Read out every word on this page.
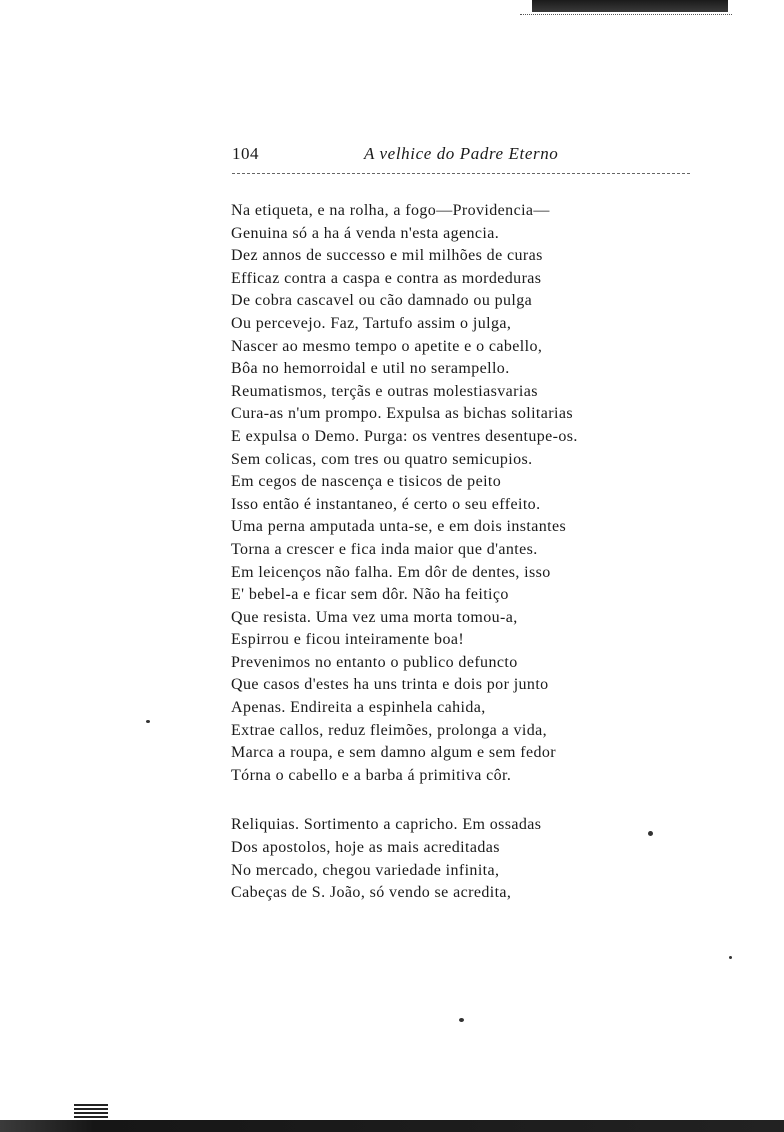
104	A velhice do Padre Eterno
Na etiqueta, e na rolha, a fogo—Providencia—
Genuina só a ha á venda n'esta agencia.
Dez annos de successo e mil milhões de curas
Efficaz contra a caspa e contra as mordeduras
De cobra cascavel ou cão damnado ou pulga
Ou percevejo. Faz, Tartufo assim o julga,
Nascer ao mesmo tempo o apetite e o cabello,
Bôa no hemorroidal e util no serampello.
Reumatismos, terçãs e outras molestiasvarias
Cura-as n'um prompo. Expulsa as bichas solitarias
E expulsa o Demo. Purga: os ventres desentupe-os.
Sem colicas, com tres ou quatro semicupios.
Em cegos de nascença e tisicos de peito
Isso então é instantaneo, é certo o seu effeito.
Uma perna amputada unta-se, e em dois instantes
Torna a crescer e fica inda maior que d'antes.
Em leicenços não falha. Em dôr de dentes, isso
E' bebel-a e ficar sem dôr. Não ha feitiço
Que resista. Uma vez uma morta tomou-a,
Espirrou e ficou inteiramente boa!
Prevenimos no entanto o publico defuncto
Que casos d'estes ha uns trinta e dois por junto
Apenas. Endireita a espinhela cahida,
Extrae callos, reduz fleimões, prolonga a vida,
Marca a roupa, e sem damno algum e sem fedor
Tórna o cabello e a barba á primitiva côr.
Reliquias. Sortimento a capricho. Em ossadas
Dos apostolos, hoje as mais acreditadas
No mercado, chegou variedade infinita,
Cabeças de S. João, só vendo se acredita,
